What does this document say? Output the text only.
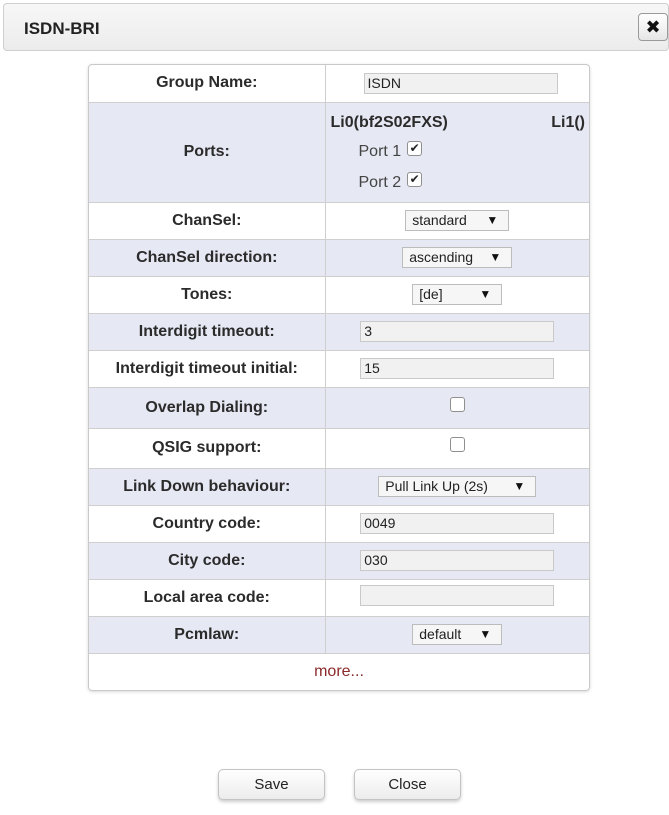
ISDN-BRI	✖
Group Name:	ISDN

Ports:	Li0(bf2S02FXS) Li1()
Port 1✔
Port 2✔

ChanSel:	standard ▼

ChanSel direction:	ascending ▼

Tones:	[de] ▼

Interdigit timeout:	3
Interdigit timeout initial:	15
Overlap Dialing:	
QSIG support:	
Link Down behaviour:	Pull Link Up (2s) ▼

Country code:	0049
City code:	030
Local area code:	
Pcmlaw:	default ▼
more...
Save	Close
